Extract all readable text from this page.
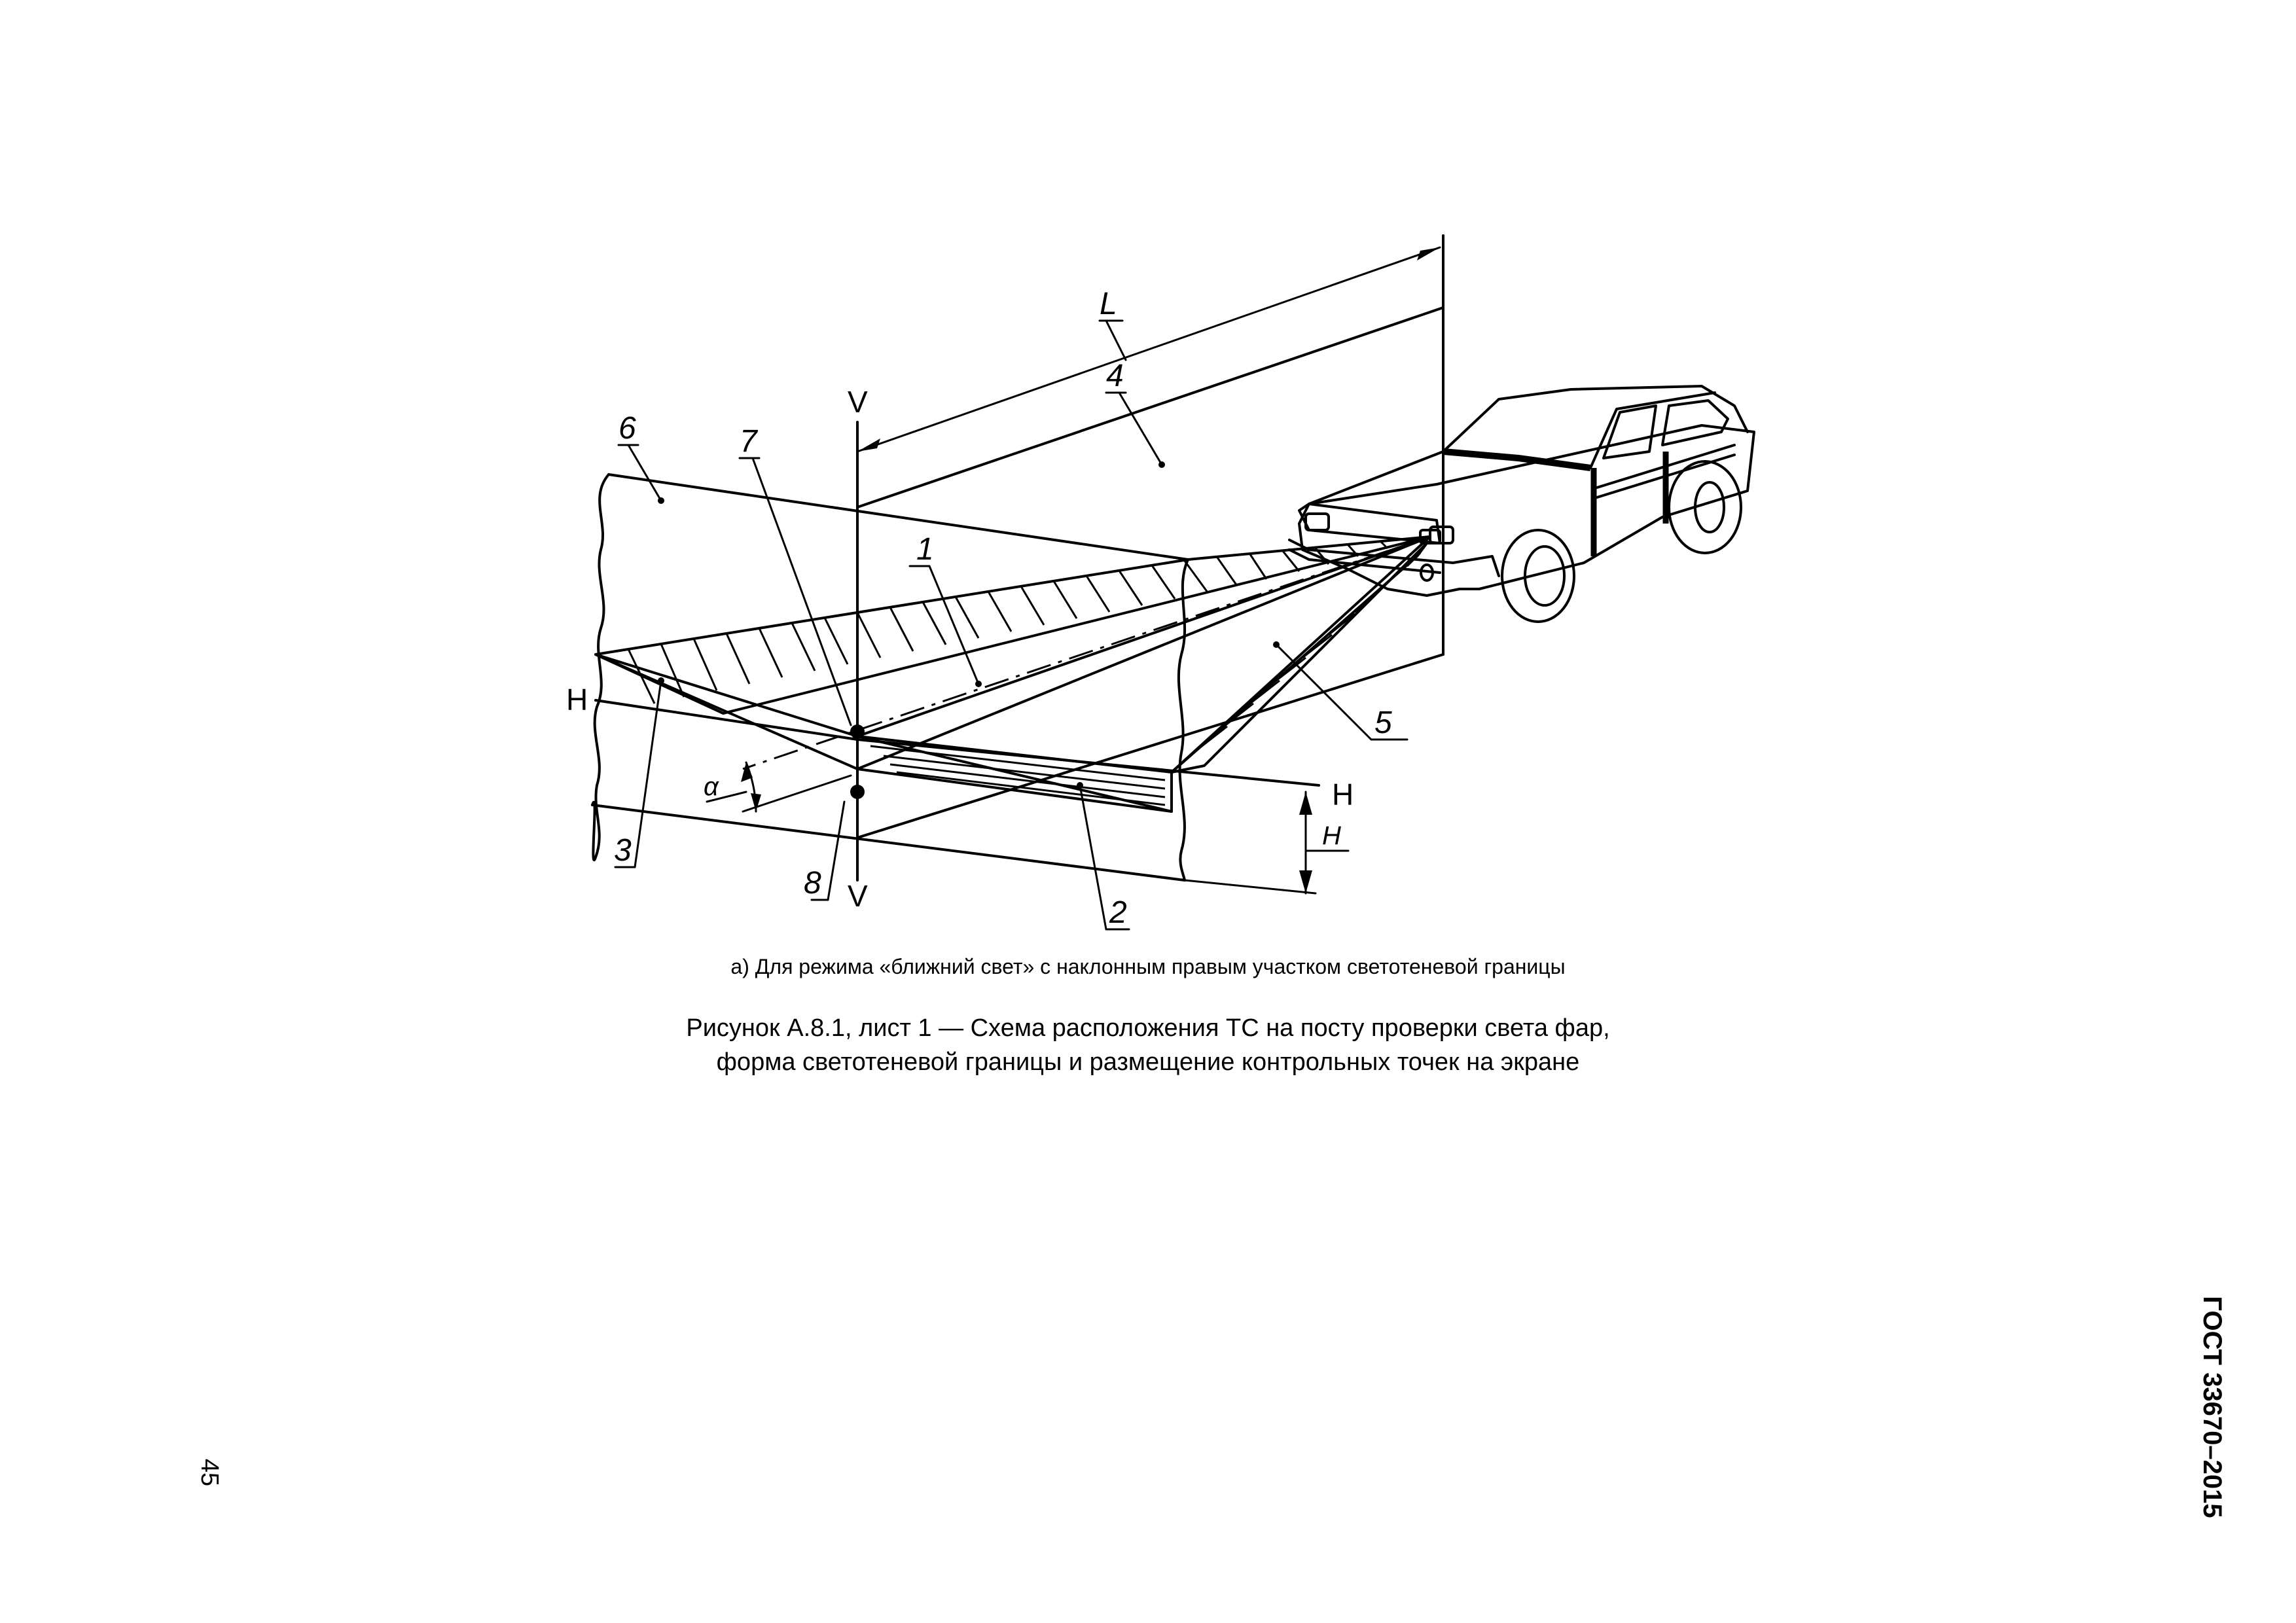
1
2
3
4
5
6	7
8
L
H
α
V
V
H
H
а) Для режима «ближний свет» с наклонным правым участком светотеневой границы
Рисунок А.8.1, лист 1 — Схема расположения ТС на посту проверки света фар,
форма светотеневой границы и размещение контрольных точек на экране
ГОСТ 33670–2015
45
